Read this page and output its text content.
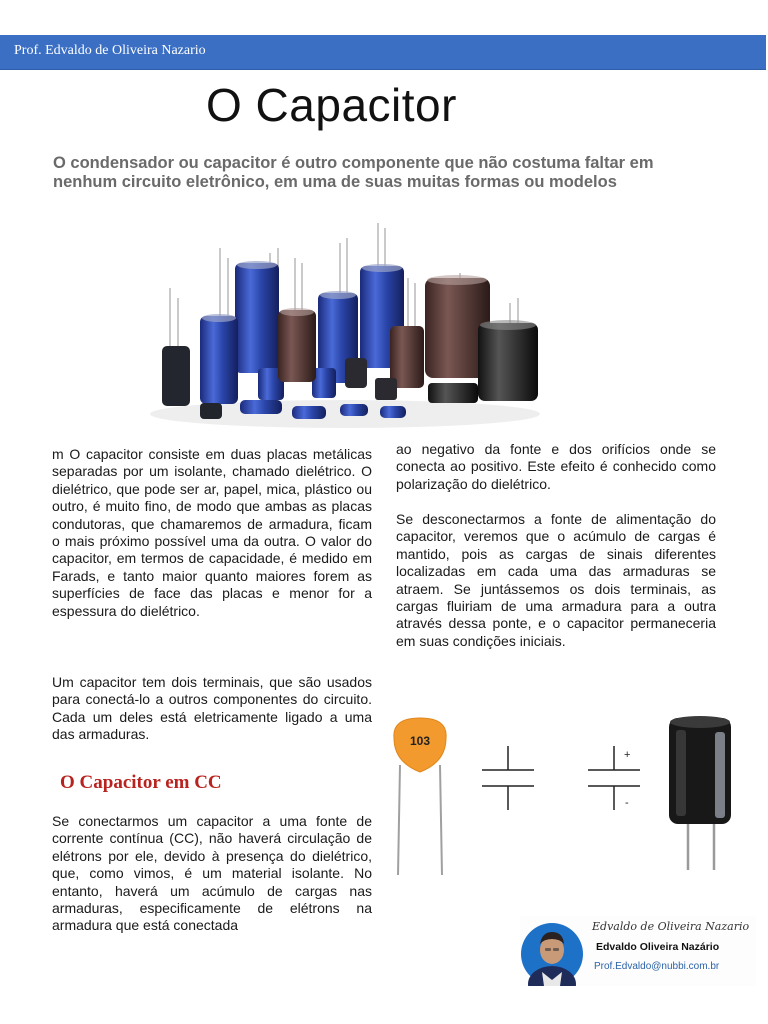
Prof. Edvaldo de Oliveira Nazario
O Capacitor
O condensador ou capacitor é outro componente que não costuma faltar em nenhum circuito eletrônico, em uma de suas muitas formas ou modelos

m O capacitor consiste em duas placas metálicas separadas por um isolante, chamado dielétrico. O dielétrico, que pode ser ar, papel, mica, plástico ou outro, é muito fino, de modo que ambas as placas condutoras, que chamaremos de armadura, ficam o mais próximo possível uma da outra. O valor do capacitor, em termos de capacidade, é medido em Farads, e tanto maior quanto maiores forem as superfícies de face das placas e menor for a espessura do dielétrico.

Um capacitor tem dois terminais, que são usados para conectá-lo a outros componentes do circuito. Cada um deles está eletricamente ligado a uma das armaduras.

O Capacitor em CC

Se conectarmos um capacitor a uma fonte de corrente contínua (CC), não haverá circulação de elétrons por ele, devido à presença do dielétrico, que, como vimos, é um material isolante. No entanto, haverá um acúmulo de cargas nas armaduras, especificamente de elétrons na armadura que está conectada

ao negativo da fonte e dos orifícios onde se conecta ao positivo. Este efeito é conhecido como polarização do dielétrico.

Se desconectarmos a fonte de alimentação do capacitor, veremos que o acúmulo de cargas é mantido, pois as cargas de sinais diferentes localizadas em cada uma das armaduras se atraem. Se juntássemos os dois terminais, as cargas fluiriam de uma armadura para a outra através dessa ponte, e o capacitor permaneceria em suas condições iniciais.

103
+
-
Edvaldo de Oliveira Nazario
Edvaldo Oliveira Nazário
Prof.Edvaldo@nubbi.com.br
